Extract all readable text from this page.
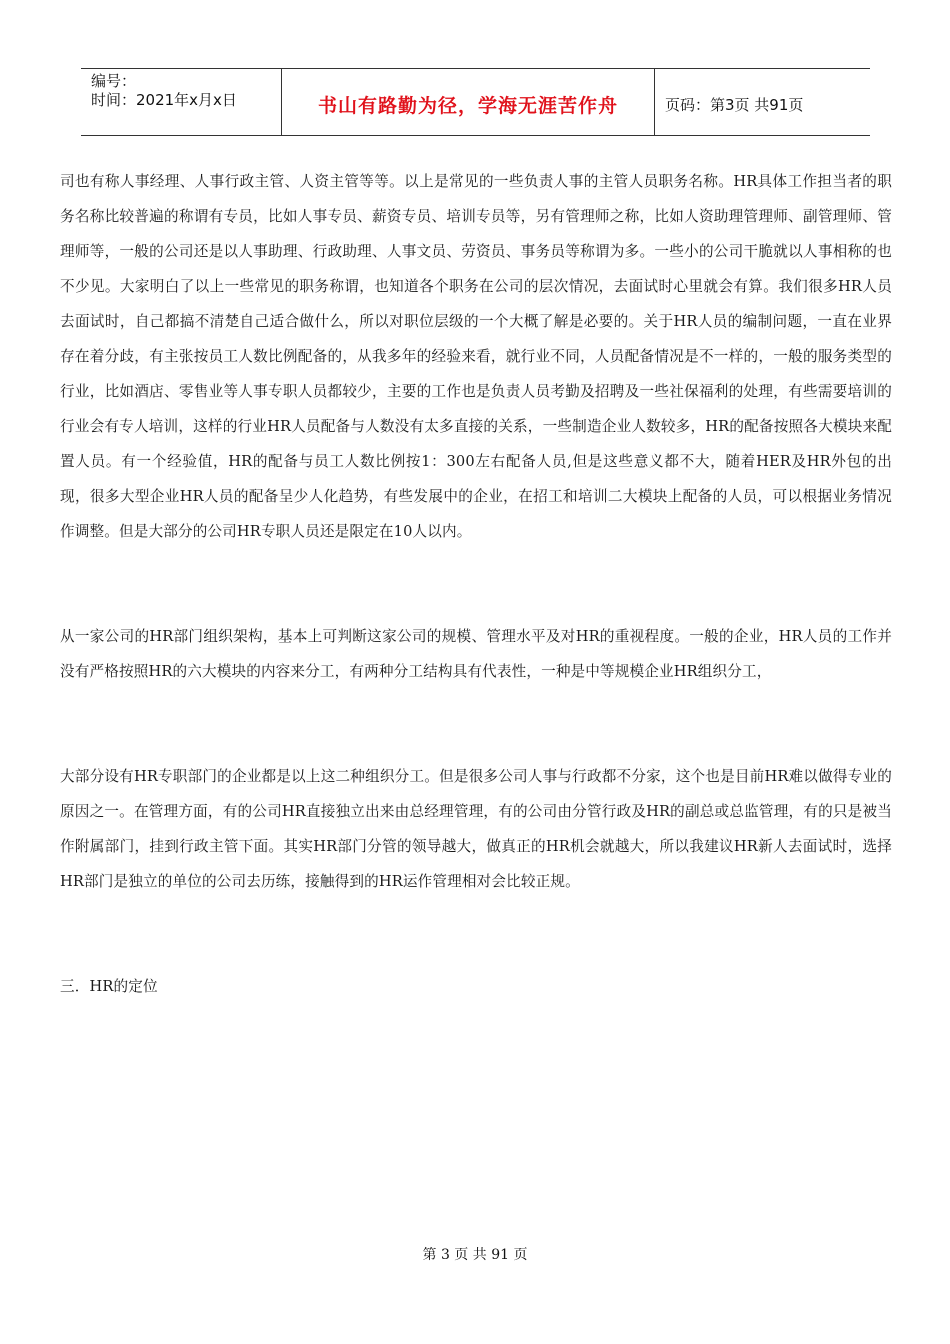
编号：
时间：2021年x月x日	书山有路勤为径，学海无涯苦作舟	页码：第3页 共91页

司也有称人事经理、人事行政主管、人资主管等等。以上是常见的一些负责人事的主管人员职务名称。HR具体工作担当者的职务名称比较普遍的称谓有专员，比如人事专员、薪资专员、培训专员等，另有管理师之称，比如人资助理管理师、副管理师、管理师等，一般的公司还是以人事助理、行政助理、人事文员、劳资员、事务员等称谓为多。一些小的公司干脆就以人事相称的也不少见。大家明白了以上一些常见的职务称谓，也知道各个职务在公司的层次情况，去面试时心里就会有算。我们很多HR人员去面试时，自己都搞不清楚自己适合做什么，所以对职位层级的一个大概了解是必要的。关于HR人员的编制问题，一直在业界存在着分歧，有主张按员工人数比例配备的，从我多年的经验来看，就行业不同，人员配备情况是不一样的，一般的服务类型的行业，比如酒店、零售业等人事专职人员都较少，主要的工作也是负责人员考勤及招聘及一些社保福利的处理，有些需要培训的行业会有专人培训，这样的行业HR人员配备与人数没有太多直接的关系，一些制造企业人数较多，HR的配备按照各大模块来配置人员。有一个经验值，HR的配备与员工人数比例按1：300左右配备人员,但是这些意义都不大，随着HER及HR外包的出现，很多大型企业HR人员的配备呈少人化趋势，有些发展中的企业，在招工和培训二大模块上配备的人员，可以根据业务情况作调整。但是大部分的公司HR专职人员还是限定在10人以内。

从一家公司的HR部门组织架构，基本上可判断这家公司的规模、管理水平及对HR的重视程度。一般的企业，HR人员的工作并没有严格按照HR的六大模块的内容来分工，有两种分工结构具有代表性，一种是中等规模企业HR组织分工，

大部分设有HR专职部门的企业都是以上这二种组织分工。但是很多公司人事与行政都不分家，这个也是目前HR难以做得专业的原因之一。在管理方面，有的公司HR直接独立出来由总经理管理，有的公司由分管行政及HR的副总或总监管理，有的只是被当作附属部门，挂到行政主管下面。其实HR部门分管的领导越大，做真正的HR机会就越大，所以我建议HR新人去面试时，选择HR部门是独立的单位的公司去历练，接触得到的HR运作管理相对会比较正规。

三．HR的定位

第 3 页 共 91 页
